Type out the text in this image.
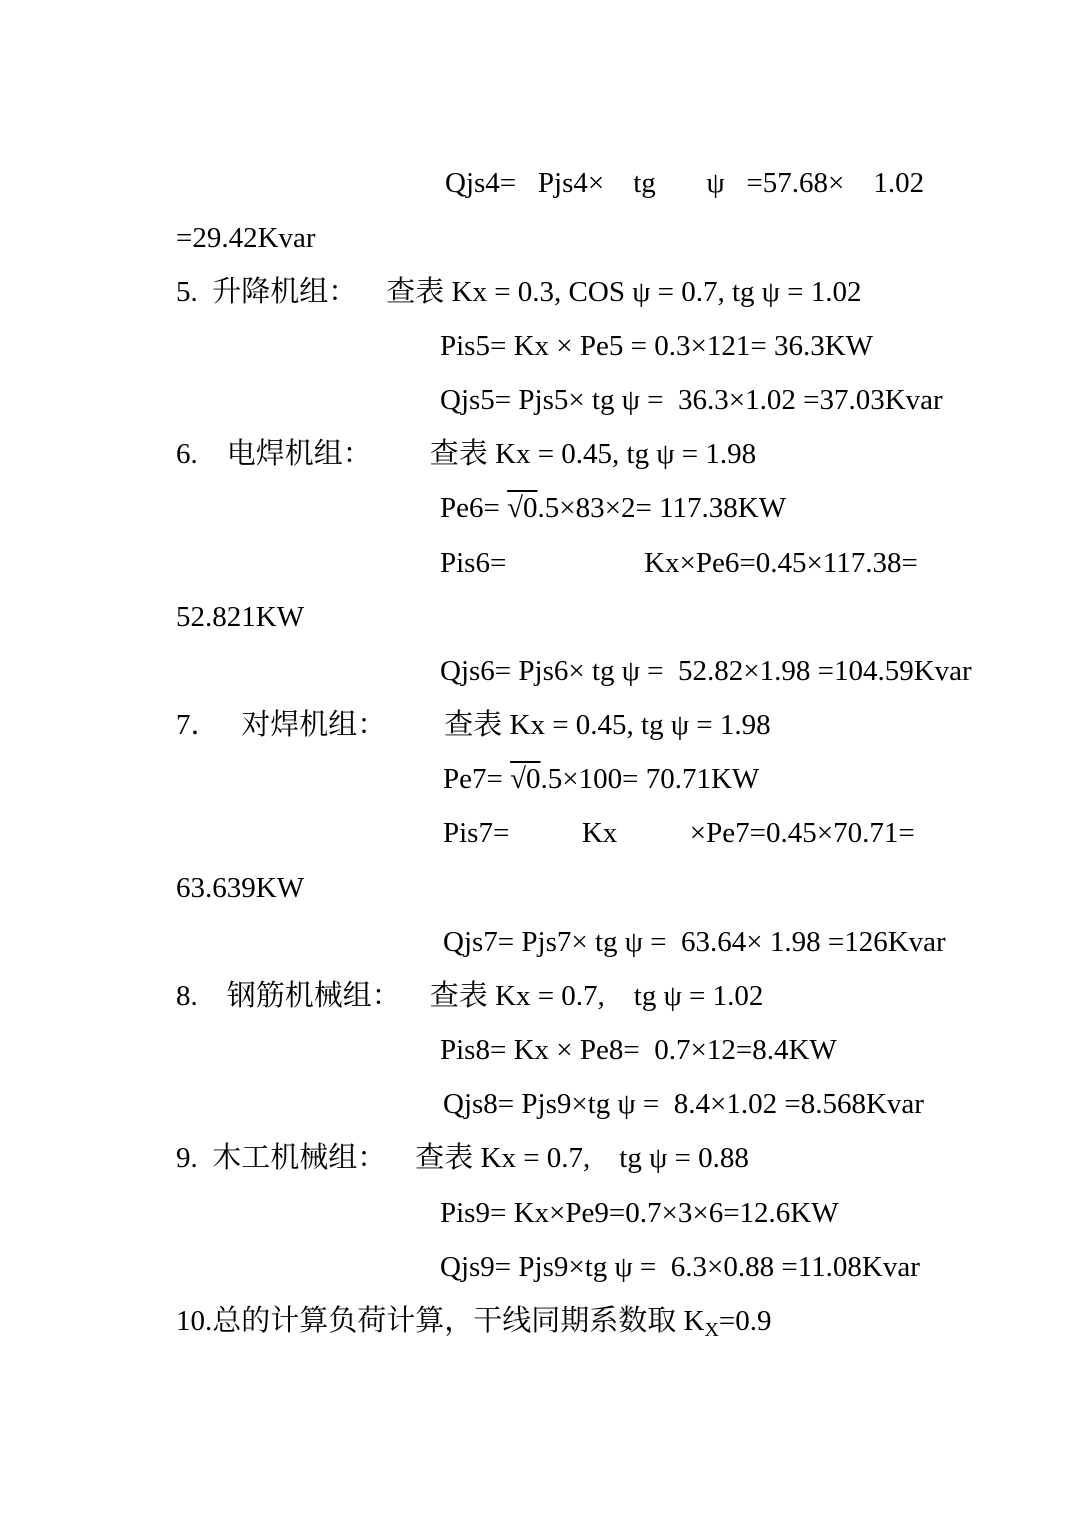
Qjs4=   Pjs4×    tg       ψ   =57.68×    1.02
=29.42Kvar
5.  升降机组：    查表 Kx = 0.3, COS ψ = 0.7, tg ψ = 1.02
Pis5= Kx × Pe5 = 0.3×121= 36.3KW
Qjs5= Pjs5× tg ψ =  36.3×1.02 =37.03Kvar
6.    电焊机组：        查表 Kx = 0.45, tg ψ = 1.98
Pe6= √0.5×83×2= 117.38KW
Pis6=                   Kx×Pe6=0.45×117.38=
52.821KW
Qjs6= Pjs6× tg ψ =  52.82×1.98 =104.59Kvar
7．   对焊机组：        查表 Kx = 0.45, tg ψ = 1.98
Pe7= √0.5×100= 70.71KW
Pis7=          Kx          ×Pe7=0.45×70.71=
63.639KW
Qjs7= Pjs7× tg ψ =  63.64× 1.98 =126Kvar
8.    钢筋机械组：    查表 Kx = 0.7,    tg ψ = 1.02
Pis8= Kx × Pe8=  0.7×12=8.4KW
Qjs8= Pjs9×tg ψ =  8.4×1.02 =8.568Kvar
9.  木工机械组：    查表 Kx = 0.7,    tg ψ = 0.88
Pis9= Kx×Pe9=0.7×3×6=12.6KW
Qjs9= Pjs9×tg ψ =  6.3×0.88 =11.08Kvar
10.总的计算负荷计算，干线同期系数取 $K_X=0.9$
